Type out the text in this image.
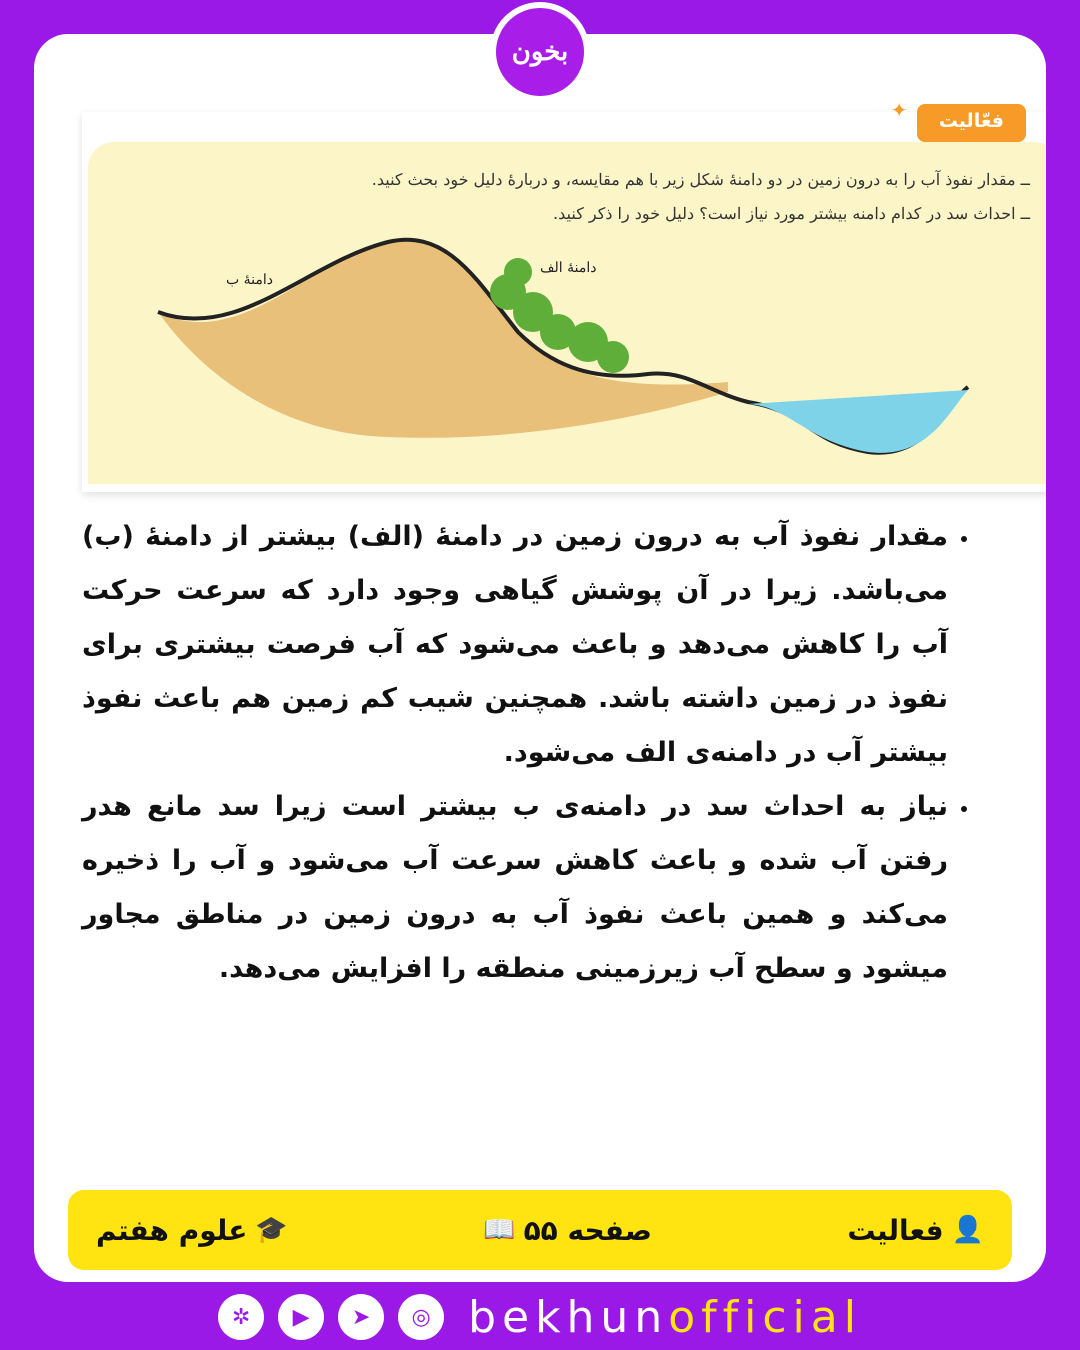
ــ مقدار نفوذ آب را به درون زمین در دو دامنهٔ شکل زیر با هم مقایسه، و دربارهٔ دلیل خود بحث کنید.
ــ احداث سد در کدام دامنه بیشتر مورد نیاز است؟ دلیل خود را ذکر کنید.
دامنهٔ الف
دامنهٔ ب
✦ فعّالیت
بخون
• مقدار نفوذ آب به درون زمین در دامنۀ (الف) بیشتر از دامنۀ (ب) می‌باشد. زیرا در آن پوشش گیاهی وجود دارد که سرعت حرکت آب را کاهش می‌دهد و باعث می‌شود که آب فرصت بیشتری برای نفوذ در زمین داشته باشد. همچنین شیب کم زمین هم باعث نفوذ بیشتر آب در دامنه‌ی الف می‌شود.
• نیاز به احداث سد در دامنه‌ی ب بیشتر است زیرا سد مانع هدر رفتن آب شده و باعث کاهش سرعت آب می‌شود و آب را ذخیره می‌کند و همین باعث نفوذ آب به درون زمین در مناطق مجاور میشود و سطح آب زیرزمینی منطقه را افزایش می‌دهد.
👤
فعالیت
صفحه ۵۵
📖
🎓
علوم هفتم
✲	▶	➤	◎ bekhunofficial
